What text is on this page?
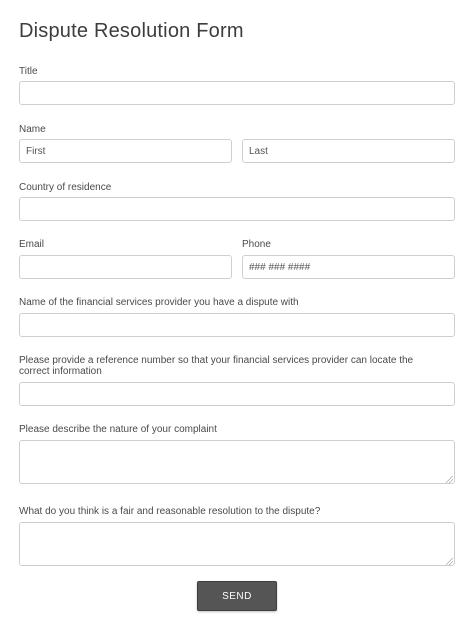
Dispute Resolution Form
Title
Name
First
Last
Country of residence
Email	Phone
### ### ####
Name of the financial services provider you have a dispute with
Please provide a reference number so that your financial services provider can locate the correct information
Please describe the nature of your complaint
What do you think is a fair and reasonable resolution to the dispute?
SEND
